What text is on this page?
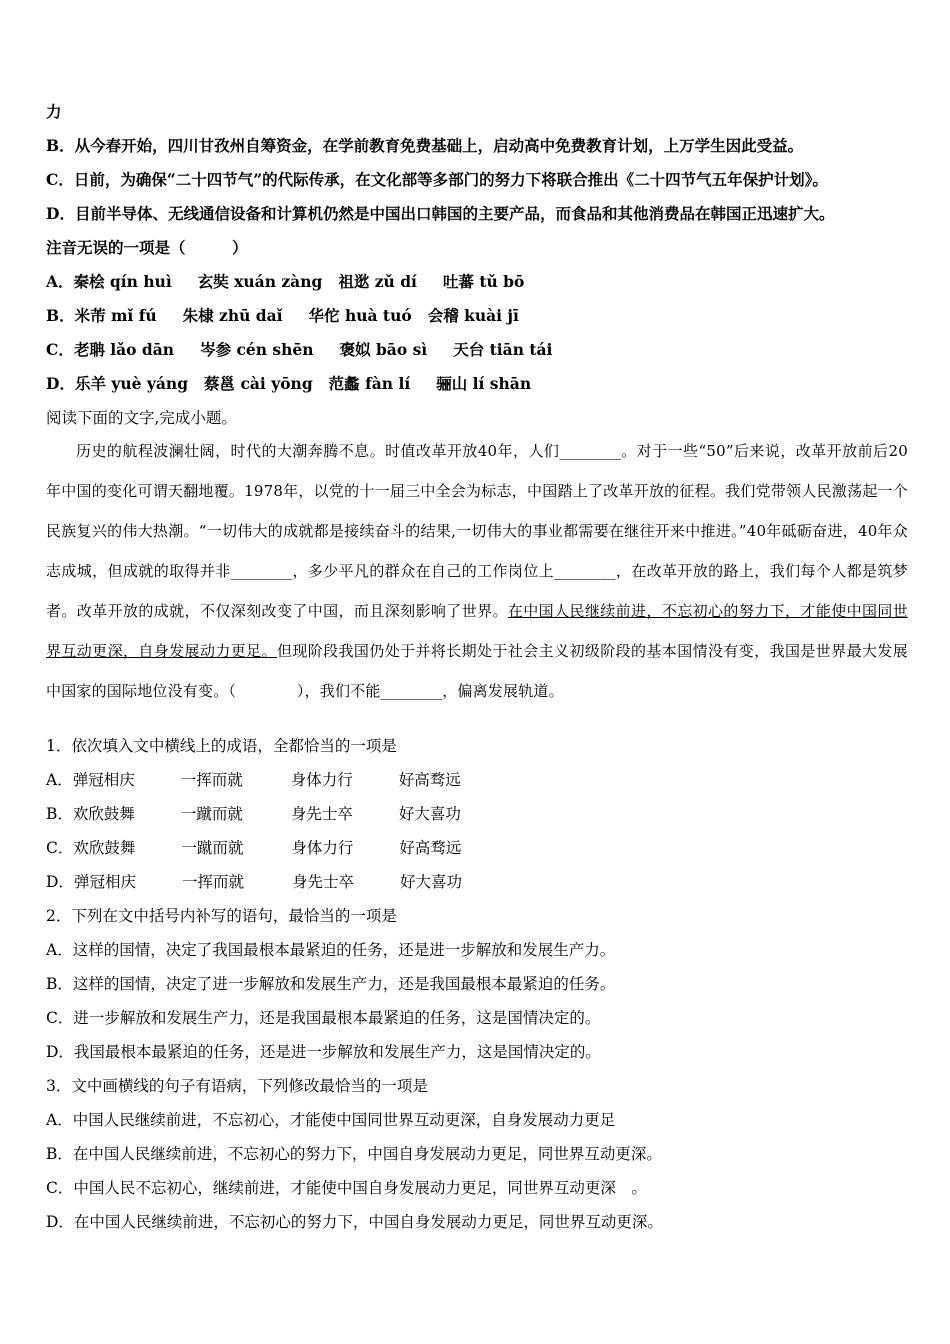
力
B．从今春开始，四川甘孜州自筹资金，在学前教育免费基础上，启动高中免费教育计划，上万学生因此受益。
C．日前，为确保“二十四节气”的代际传承，在文化部等多部门的努力下将联合推出《二十四节气五年保护计划》。
D．目前半导体、无线通信设备和计算机仍然是中国出口韩国的主要产品，而食品和其他消费品在韩国正迅速扩大。
注音无误的一项是（　　　）
A．秦桧 qín huì 玄奘 xuán zàng 祖逖 zǔ dí 吐蕃 tǔ bō
B．米芾 mǐ fú 朱棣 zhū daǐ 华佗 huà tuó 会稽 kuài jī
C．老聃 lǎo dān 岑参 cén shēn 褒姒 bāo sì 天台 tiān tái
D．乐羊 yuè yáng 蔡邕 cài yōng 范蠡 fàn lí 骊山 lí shān
阅读下面的文字,完成小题。
历史的航程波澜壮阔，时代的大潮奔腾不息。时值改革开放40年，人们________。对于一些“50”后来说，改革开放前后20年中国的变化可谓天翻地覆。1978年，以党的十一届三中全会为标志，中国踏上了改革开放的征程。我们党带领人民激荡起一个民族复兴的伟大热潮。“一切伟大的成就都是接续奋斗的结果,一切伟大的事业都需要在继往开来中推进。”40年砥砺奋进，40年众志成城，但成就的取得并非________，多少平凡的群众在自己的工作岗位上________，在改革开放的路上，我们每个人都是筑梦者。改革开放的成就，不仅深刻改变了中国，而且深刻影响了世界。在中国人民继续前进，不忘初心的努力下，才能使中国同世界互动更深，自身发展动力更足。但现阶段我国仍处于并将长期处于社会主义初级阶段的基本国情没有变，我国是世界最大发展中国家的国际地位没有变。（　　　　），我们不能________，偏离发展轨道。
1．依次填入文中横线上的成语，全都恰当的一项是
A．弹冠相庆	一挥而就	身体力行	好高骛远
B．欢欣鼓舞	一蹴而就	身先士卒	好大喜功
C．欢欣鼓舞	一蹴而就	身体力行	好高骛远
D．弹冠相庆	一挥而就	身先士卒	好大喜功
2．下列在文中括号内补写的语句，最恰当的一项是
A．这样的国情，决定了我国最根本最紧迫的任务，还是进一步解放和发展生产力。
B．这样的国情，决定了进一步解放和发展生产力，还是我国最根本最紧迫的任务。
C．进一步解放和发展生产力，还是我国最根本最紧迫的任务，这是国情决定的。
D．我国最根本最紧迫的任务，还是进一步解放和发展生产力，这是国情决定的。
3．文中画横线的句子有语病，下列修改最恰当的一项是
A．中国人民继续前进，不忘初心，才能使中国同世界互动更深，自身发展动力更足
B．在中国人民继续前进，不忘初心的努力下，中国自身发展动力更足，同世界互动更深。
C．中国人民不忘初心，继续前进，才能使中国自身发展动力更足，同世界互动更深　。
D．在中国人民继续前进，不忘初心的努力下，中国自身发展动力更足，同世界互动更深。
